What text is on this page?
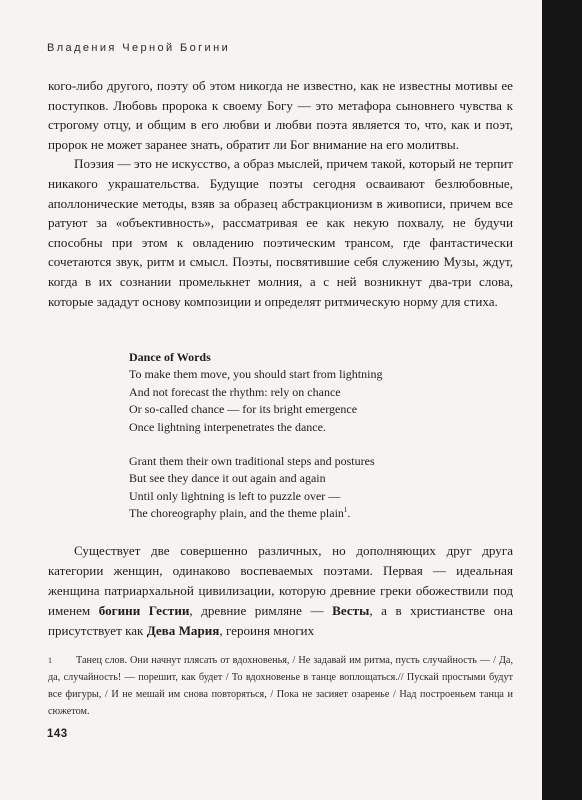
Владения Черной Богини

кого-либо другого, поэту об этом никогда не известно, как не известны мотивы ее поступков. Любовь пророка к своему Богу — это метафора сыновнего чувства к строгому отцу, и общим в его любви и любви поэта является то, что, как и поэт, пророк не может заранее знать, обратит ли Бог внимание на его молитвы.

Поэзия — это не искусство, а образ мыслей, причем такой, который не терпит никакого украшательства. Будущие поэты сегодня осваивают безлюбовные, аполлонические методы, взяв за образец абстракционизм в живописи, причем все ратуют за «объективность», рассматривая ее как некую похвалу, не будучи способны при этом к овладению поэтическим трансом, где фантастически сочетаются звук, ритм и смысл. Поэты, посвятившие себя служению Музы, ждут, когда в их сознании промелькнет молния, а с ней возникнут два-три слова, которые зададут основу композиции и определят ритмическую норму для стиха.

Dance of Words

To make them move, you should start from lightning

And not forecast the rhythm: rely on chance

Or so-called chance — for its bright emergence

Once lightning interpenetrates the dance.

Grant them their own traditional steps and postures

But see they dance it out again and again

Until only lightning is left to puzzle over —

The choreography plain, and the theme plain$^1$.

Существует две совершенно различных, но дополняющих друг друга категории женщин, одинаково воспеваемых поэтами. Первая — идеальная женщина патриархальной цивилизации, которую древние греки обожествили под именем богини Гестии, древние римляне — Весты, а в христианстве она присутствует как Дева Мария, героиня многих

1 Танец слов. Они начнут плясать от вдохновенья, / Не задавай им ритма, пусть случайность — / Да, да, случайность! — порешит, как будет / То вдохновенье в танце воплощаться.// Пускай простыми будут все фигуры, / И не мешай им снова повторяться, / Пока не засияет озаренье / Над построеньем танца и сюжетом.
143
